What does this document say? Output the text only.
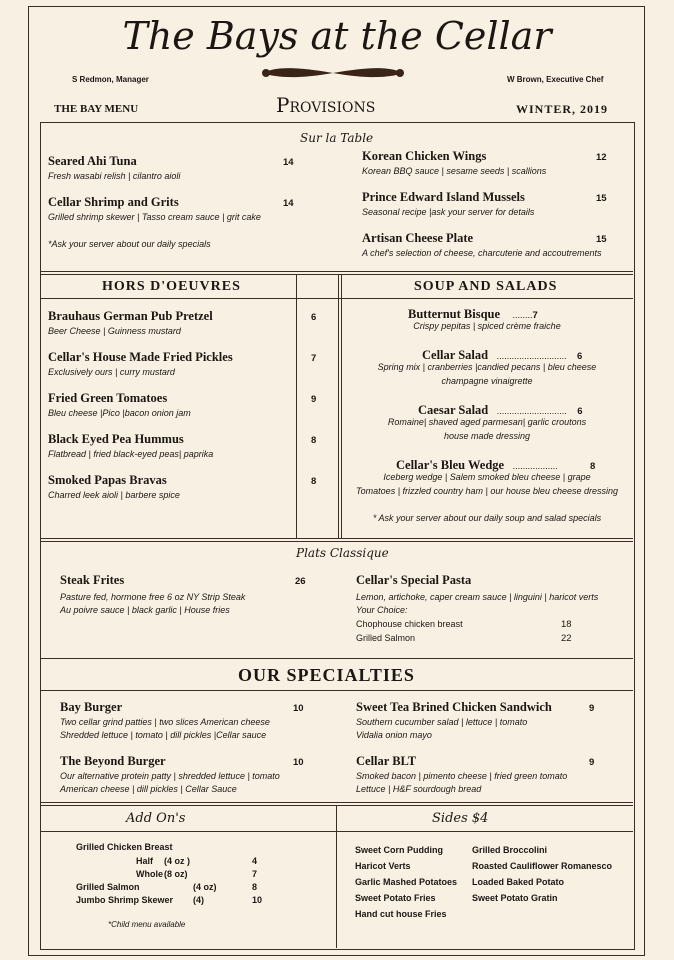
The Bays at the Cellar
S Redmon, Manager	W Brown, Executive Chef
THE BAY MENU	Provisions	WINTER, 2019
Sur la Table
Seared Ahi Tuna	14
Fresh wasabi relish | cilantro aioli
Cellar Shrimp and Grits	14
Grilled shrimp skewer | Tasso cream sauce | grit cake
*Ask your server about our daily specials
Korean Chicken Wings	12
Korean BBQ sauce | sesame seeds | scallions
Prince Edward Island Mussels	15
Seasonal recipe |ask your server for details
Artisan Cheese Plate	15
A chef's selection of cheese, charcuterie and accoutrements
HORS D'OEUVRES	SOUP AND SALADS
Brauhaus German Pub Pretzel	6
Beer Cheese | Guinness mustard
Cellar's House Made Fried Pickles	7
Exclusively ours | curry mustard
Fried Green Tomatoes	9
Bleu cheese |Pico |bacon onion jam
Black Eyed Pea Hummus	8
Flatbread | fried black-eyed peas| paprika
Smoked Papas Bravas	8
Charred leek aioli | barbere spice
Butternut Bisque ........7
Crispy pepitas | spiced crème fraiche
Cellar Salad ............................ 6
Spring mix | cranberries |candied pecans | bleu cheese
champagne vinaigrette
Caesar Salad ............................ 6
Romaine| shaved aged parmesan| garlic croutons
house made dressing
Cellar's Bleu Wedge ..................	8
Iceberg wedge | Salem smoked bleu cheese | grape
Tomatoes | frizzled country ham | our house bleu cheese dressing
* Ask your server about our daily soup and salad specials
Plats Classique
Steak Frites	26
Pasture fed, hormone free 6 oz NY Strip Steak
Au poivre sauce | black garlic | House fries
Cellar's Special Pasta
Lemon, artichoke, caper cream sauce | linguini | haricot verts
Your Choice:
Chophouse chicken breast	18
Grilled Salmon	22
OUR SPECIALTIES
Bay Burger	10
Two cellar grind patties | two slices American cheese
Shredded lettuce | tomato | dill pickles |Cellar sauce
Sweet Tea Brined Chicken Sandwich	9
Southern cucumber salad | lettuce | tomato
Vidalia onion mayo
The Beyond Burger	10
Our alternative protein patty | shredded lettuce | tomato
American cheese | dill pickles | Cellar Sauce
Cellar BLT	9
Smoked bacon | pimento cheese | fried green tomato
Lettuce | H&F sourdough bread
Add On's	Sides $4
Grilled Chicken Breast
Half (4 oz )	4
Whole (8 oz)	7
Grilled Salmon	(4 oz)	8
Jumbo Shrimp Skewer (4)	10
*Child menu available
Sweet Corn Pudding
Haricot Verts
Garlic Mashed Potatoes
Sweet Potato Fries
Hand cut house Fries
Grilled Broccolini
Roasted Cauliflower Romanesco
Loaded Baked Potato
Sweet Potato Gratin
